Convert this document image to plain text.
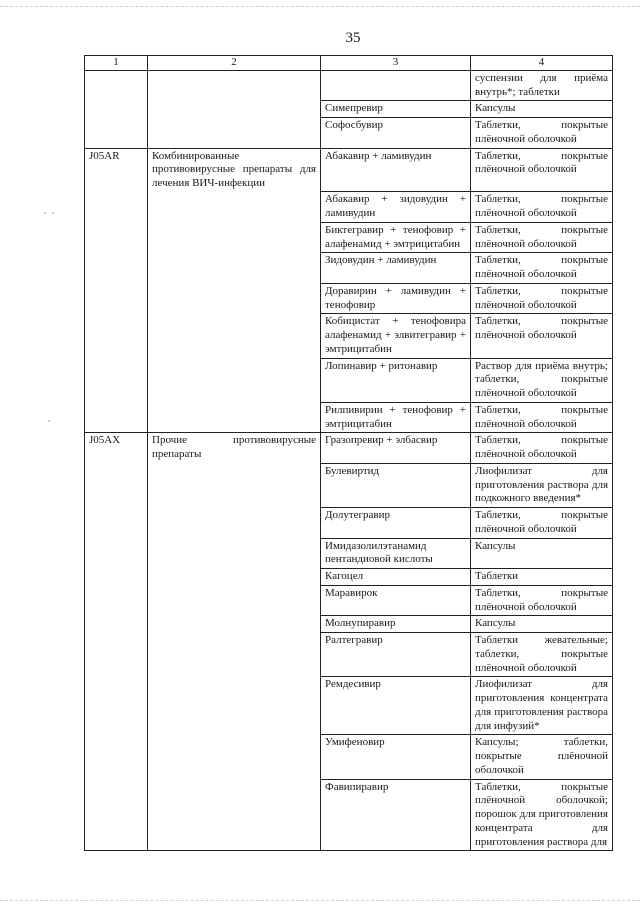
35
1	2	3	4
			суспензии для приёма внутрь*; таблетки
		Симепревир	Капсулы
		Софосбувир	Таблетки, покрытые плёночной оболочкой
J05AR	Комбинированные противовирусные препараты для лечения ВИЧ-инфекции	Абакавир + ламивудин	Таблетки, покрытые плёночной оболочкой
		Абакавир + зидовудин + ламивудин	Таблетки, покрытые плёночной оболочкой
		Биктегравир + тенофовир + алафенамид + эмтрицитабин	Таблетки, покрытые плёночной оболочкой
		Зидовудин + ламивудин	Таблетки, покрытые плёночной оболочкой
		Доравирин + ламивудин + тенофовир	Таблетки, покрытые плёночной оболочкой
		Кобицистат + тенофовира алафенамид + элвитегравир + эмтрицитабин	Таблетки, покрытые плёночной оболочкой
		Лопинавир + ритонавир	Раствор для приёма внутрь; таблетки, покрытые плёночной оболочкой
		Рилпивирин + тенофовир + эмтрицитабин	Таблетки, покрытые плёночной оболочкой
J05AX	Прочие противовирусные препараты	Гразопревир + элбасвир	Таблетки, покрытые плёночной оболочкой
		Булевиртид	Лиофилизат для приготовления раствора для подкожного введения*
		Долутегравир	Таблетки, покрытые плёночной оболочкой
		Имидазолилэтанамид пентандиовой кислоты	Капсулы
		Кагоцел	Таблетки
		Маравирок	Таблетки, покрытые плёночной оболочкой
		Молнупиравир	Капсулы
		Ралтегравир	Таблетки жевательные; таблетки, покрытые плёночной оболочкой
		Ремдесивир	Лиофилизат для приготовления концентрата для приготовления раствора для инфузий*
		Умифеновир	Капсулы; таблетки, покрытые плёночной оболочкой
		Фавипиравир	Таблетки, покрытые плёночной оболочкой; порошок для приготовления концентрата для приготовления раствора для
